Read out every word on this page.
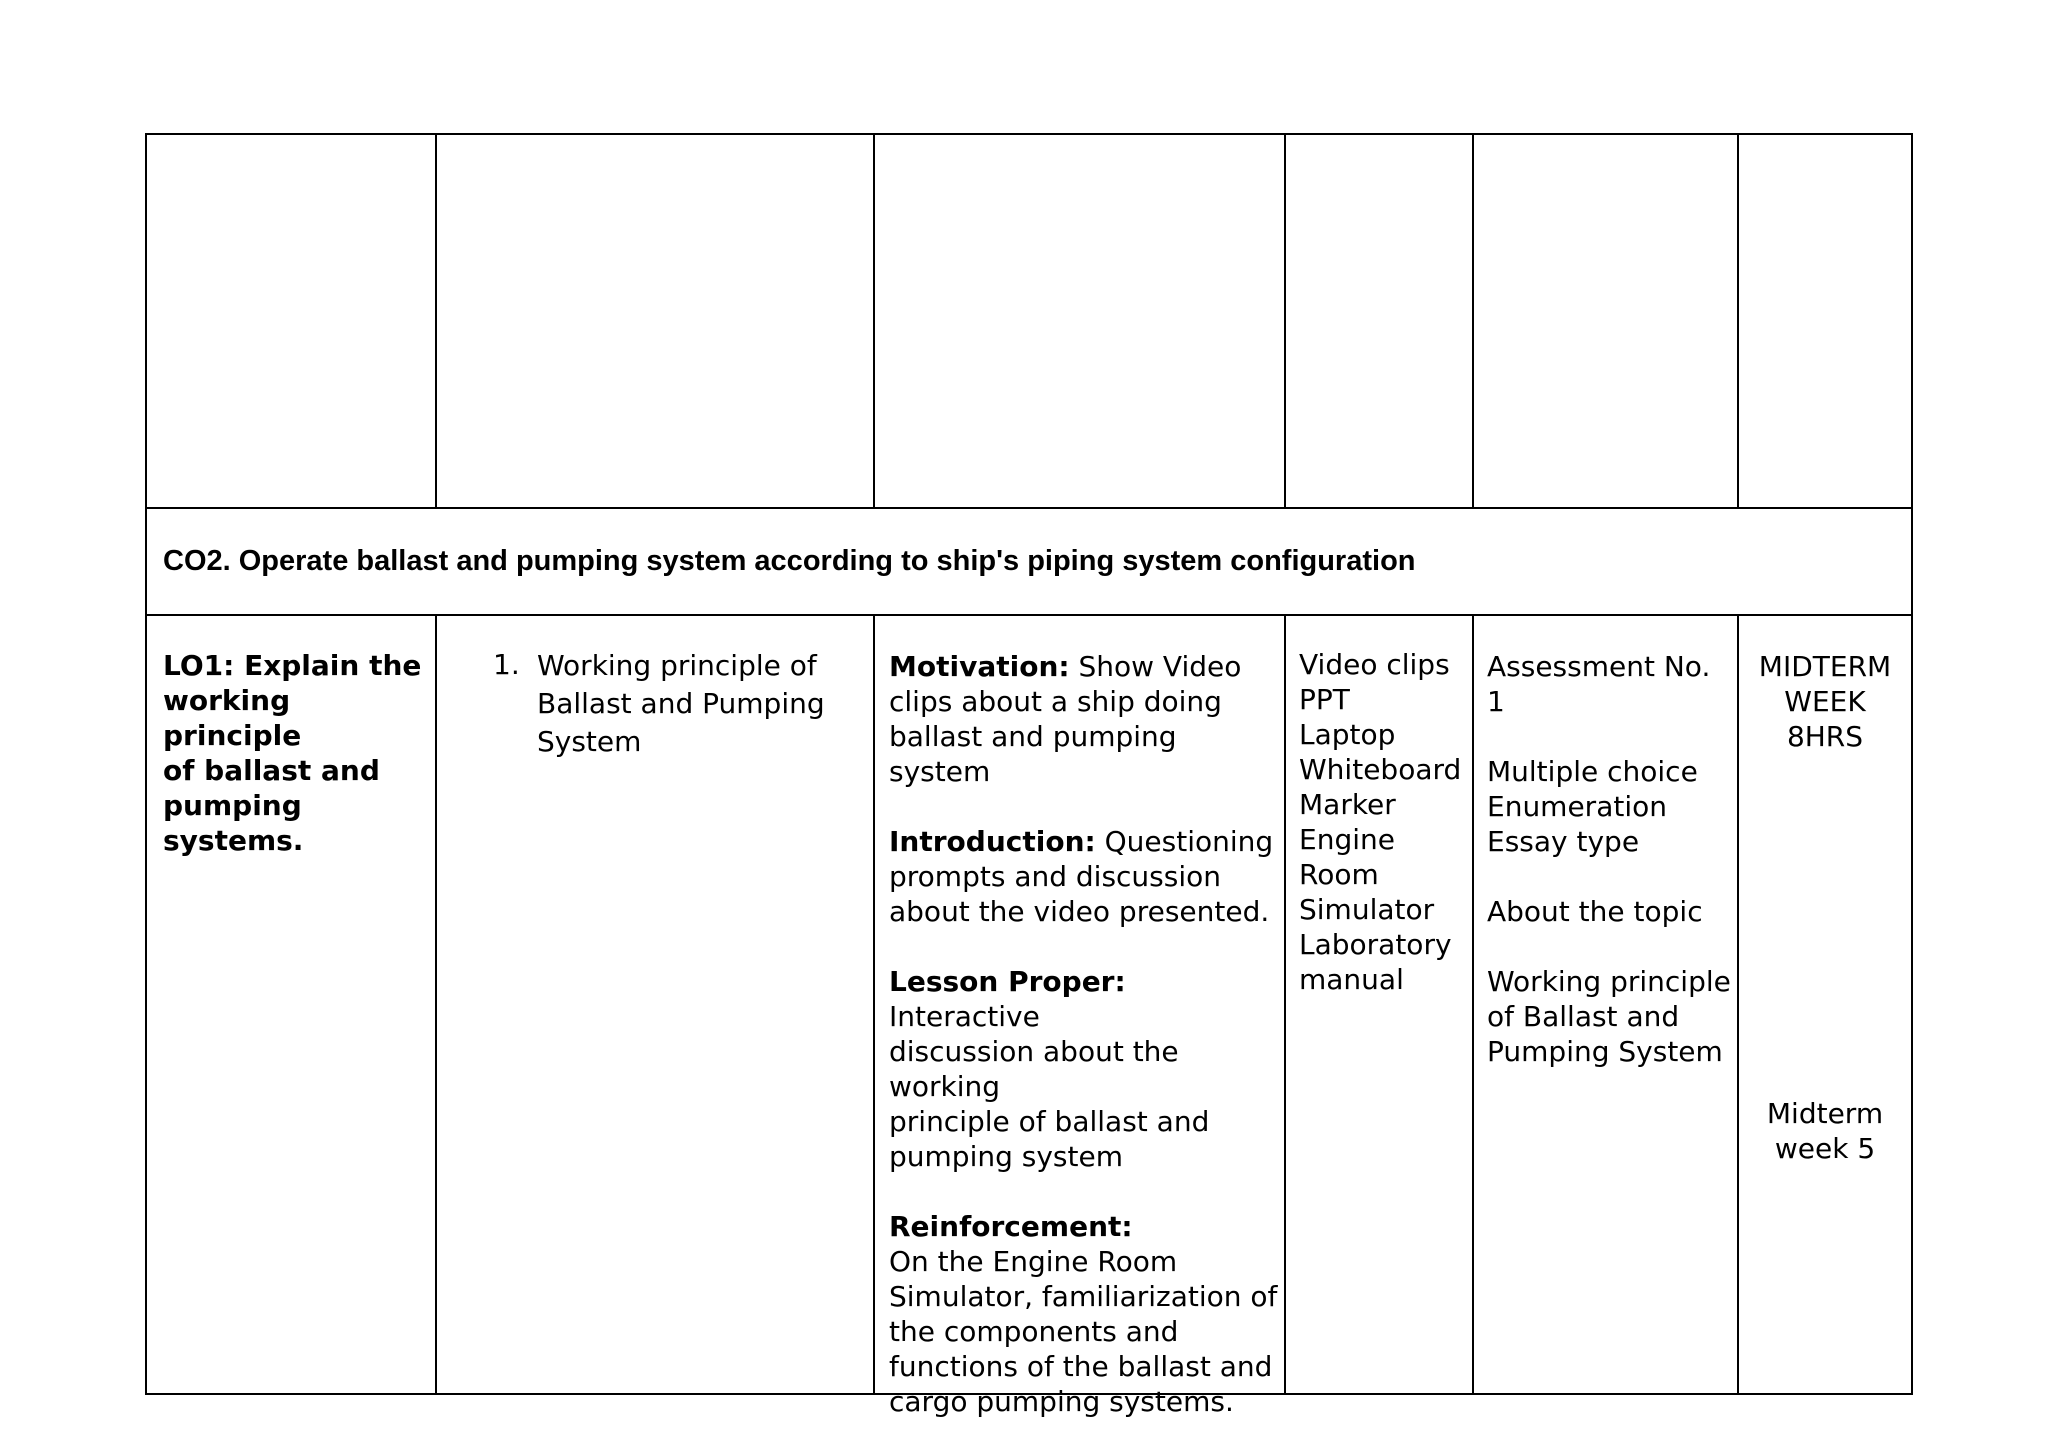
CO2. Operate ballast and pumping system according to ship's piping system configuration
LO1: Explain the
working principle
of ballast and
pumping
systems.
1. Working principle of
Ballast and Pumping
System
Motivation: Show Video
clips about a ship doing
ballast and pumping system
Introduction: Questioning
prompts and discussion
about the video presented.
Lesson Proper: Interactive
discussion about the working
principle of ballast and
pumping system
Reinforcement:
On the Engine Room
Simulator, familiarization of
the components and
functions of the ballast and
cargo pumping systems.
Video clips
PPT
Laptop
Whiteboard
Marker
Engine
Room
Simulator
Laboratory
manual
Assessment No. 1
Multiple choice
Enumeration
Essay type
About the topic
Working principle
of Ballast and
Pumping System
MIDTERM
WEEK
8HRS
Midterm
week 5
